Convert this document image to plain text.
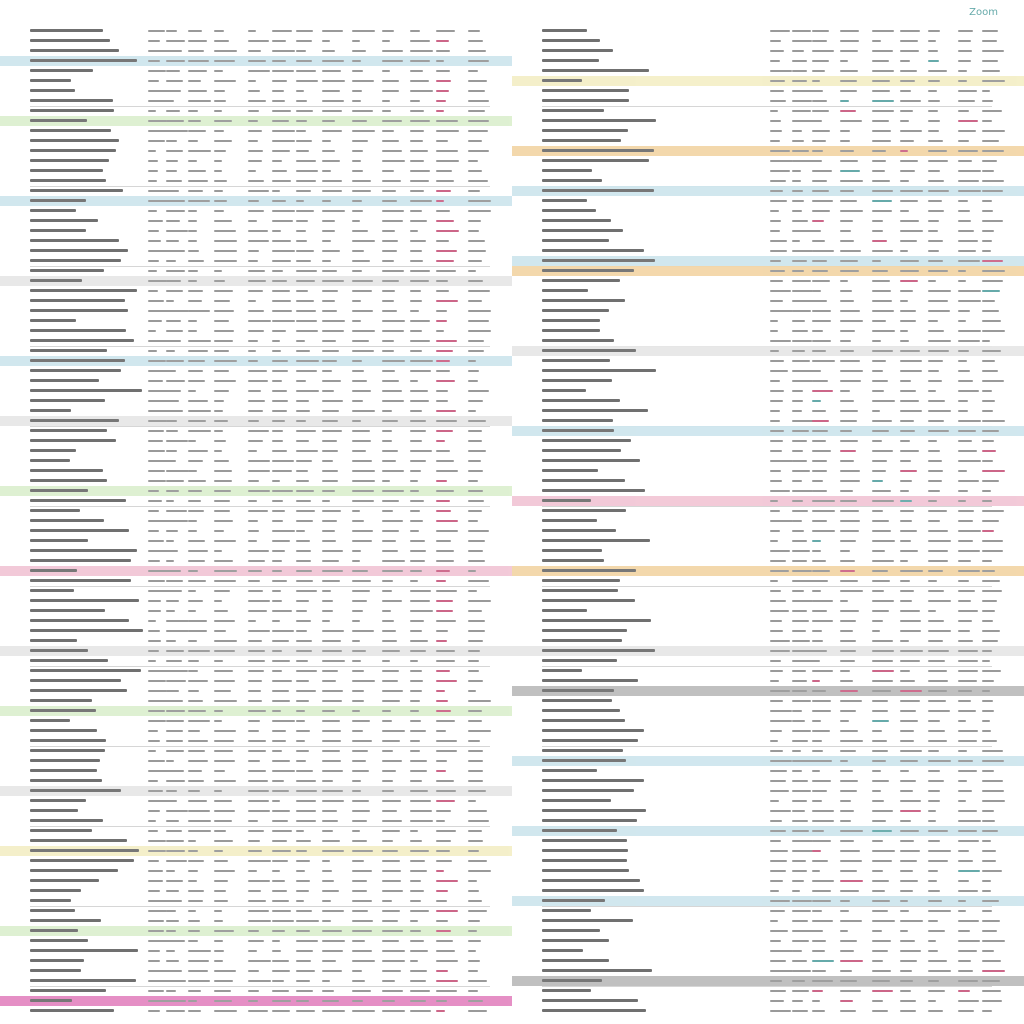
Zoom
